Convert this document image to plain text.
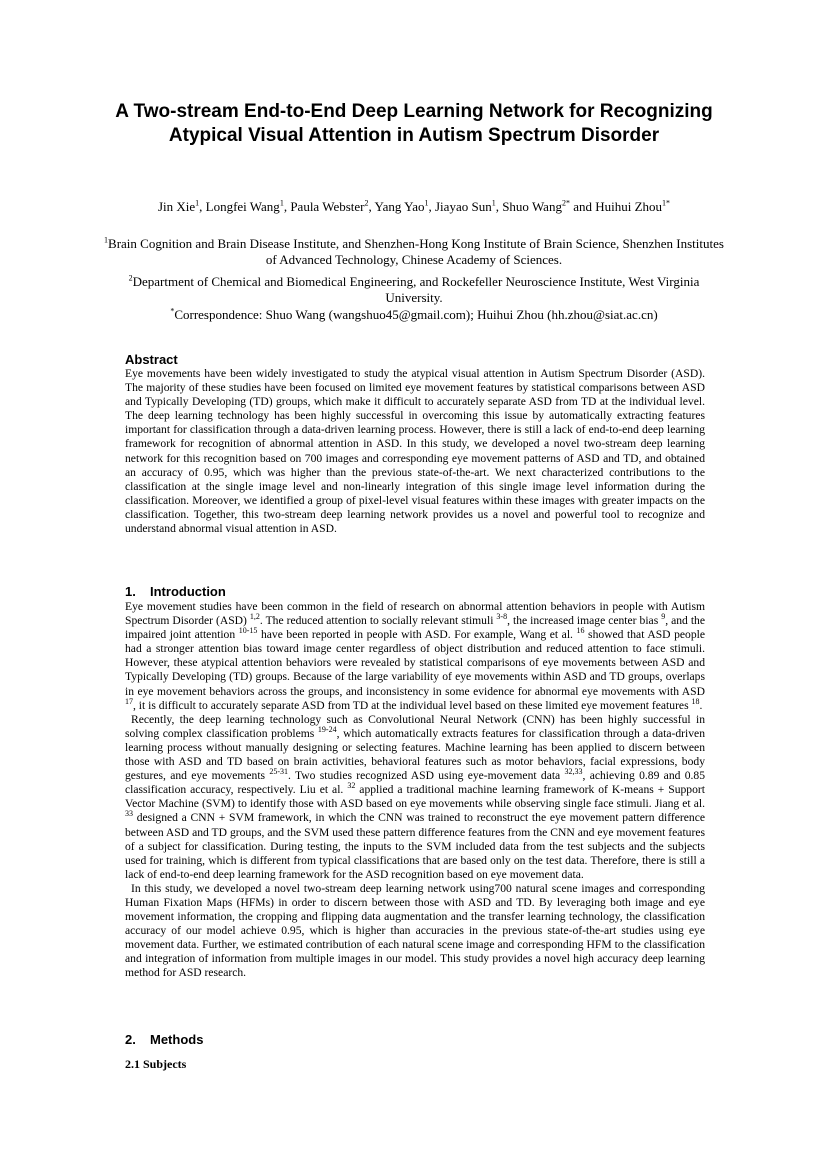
A Two-stream End-to-End Deep Learning Network for Recognizing Atypical Visual Attention in Autism Spectrum Disorder
Jin Xie$^1$, Longfei Wang$^1$, Paula Webster$^2$, Yang Yao$^1$, Jiayao Sun$^1$, Shuo Wang$^{2*}$ and Huihui Zhou$^{1*}$
$^1$Brain Cognition and Brain Disease Institute, and Shenzhen-Hong Kong Institute of Brain Science, Shenzhen Institutes of Advanced Technology, Chinese Academy of Sciences.
$^2$Department of Chemical and Biomedical Engineering, and Rockefeller Neuroscience Institute, West Virginia University.
*Correspondence: Shuo Wang (wangshuo45@gmail.com); Huihui Zhou (hh.zhou@siat.ac.cn)
Abstract

Eye movements have been widely investigated to study the atypical visual attention in Autism Spectrum Disorder (ASD). The majority of these studies have been focused on limited eye movement features by statistical comparisons between ASD and Typically Developing (TD) groups, which make it difficult to accurately separate ASD from TD at the individual level. The deep learning technology has been highly successful in overcoming this issue by automatically extracting features important for classification through a data-driven learning process. However, there is still a lack of end-to-end deep learning framework for recognition of abnormal attention in ASD. In this study, we developed a novel two-stream deep learning network for this recognition based on 700 images and corresponding eye movement patterns of ASD and TD, and obtained an accuracy of 0.95, which was higher than the previous state-of-the-art. We next characterized contributions to the classification at the single image level and non-linearly integration of this single image level information during the classification. Moreover, we identified a group of pixel-level visual features within these images with greater impacts on the classification. Together, this two-stream deep learning network provides us a novel and powerful tool to recognize and understand abnormal visual attention in ASD.

1. Introduction
Eye movement studies have been common in the field of research on abnormal attention behaviors in people with Autism Spectrum Disorder (ASD) $^{1,2}$. The reduced attention to socially relevant stimuli $^{3-8}$, the increased image center bias $^9$, and the impaired joint attention $^{10-15}$ have been reported in people with ASD. For example, Wang et al. $^{16}$ showed that ASD people had a stronger attention bias toward image center regardless of object distribution and reduced attention to face stimuli. However, these atypical attention behaviors were revealed by statistical comparisons of eye movements between ASD and Typically Developing (TD) groups. Because of the large variability of eye movements within ASD and TD groups, overlaps in eye movement behaviors across the groups, and inconsistency in some evidence for abnormal eye movements with ASD $^{17}$, it is difficult to accurately separate ASD from TD at the individual level based on these limited eye movement features $^{18}$.
Recently, the deep learning technology such as Convolutional Neural Network (CNN) has been highly successful in solving complex classification problems $^{19-24}$, which automatically extracts features for classification through a data-driven learning process without manually designing or selecting features. Machine learning has been applied to discern between those with ASD and TD based on brain activities, behavioral features such as motor behaviors, facial expressions, body gestures, and eye movements $^{25-31}$. Two studies recognized ASD using eye-movement data $^{32,33}$, achieving 0.89 and 0.85 classification accuracy, respectively. Liu et al. $^{32}$ applied a traditional machine learning framework of K-means + Support Vector Machine (SVM) to identify those with ASD based on eye movements while observing single face stimuli. Jiang et al. $^{33}$ designed a CNN + SVM framework, in which the CNN was trained to reconstruct the eye movement pattern difference between ASD and TD groups, and the SVM used these pattern difference features from the CNN and eye movement features of a subject for classification. During testing, the inputs to the SVM included data from the test subjects and the subjects used for training, which is different from typical classifications that are based only on the test data. Therefore, there is still a lack of end-to-end deep learning framework for the ASD recognition based on eye movement data.
In this study, we developed a novel two-stream deep learning network using700 natural scene images and corresponding Human Fixation Maps (HFMs) in order to discern between those with ASD and TD. By leveraging both image and eye movement information, the cropping and flipping data augmentation and the transfer learning technology, the classification accuracy of our model achieve 0.95, which is higher than accuracies in the previous state-of-the-art studies using eye movement data. Further, we estimated contribution of each natural scene image and corresponding HFM to the classification and integration of information from multiple images in our model. This study provides a novel high accuracy deep learning method for ASD research.
2. Methods
2.1 Subjects
